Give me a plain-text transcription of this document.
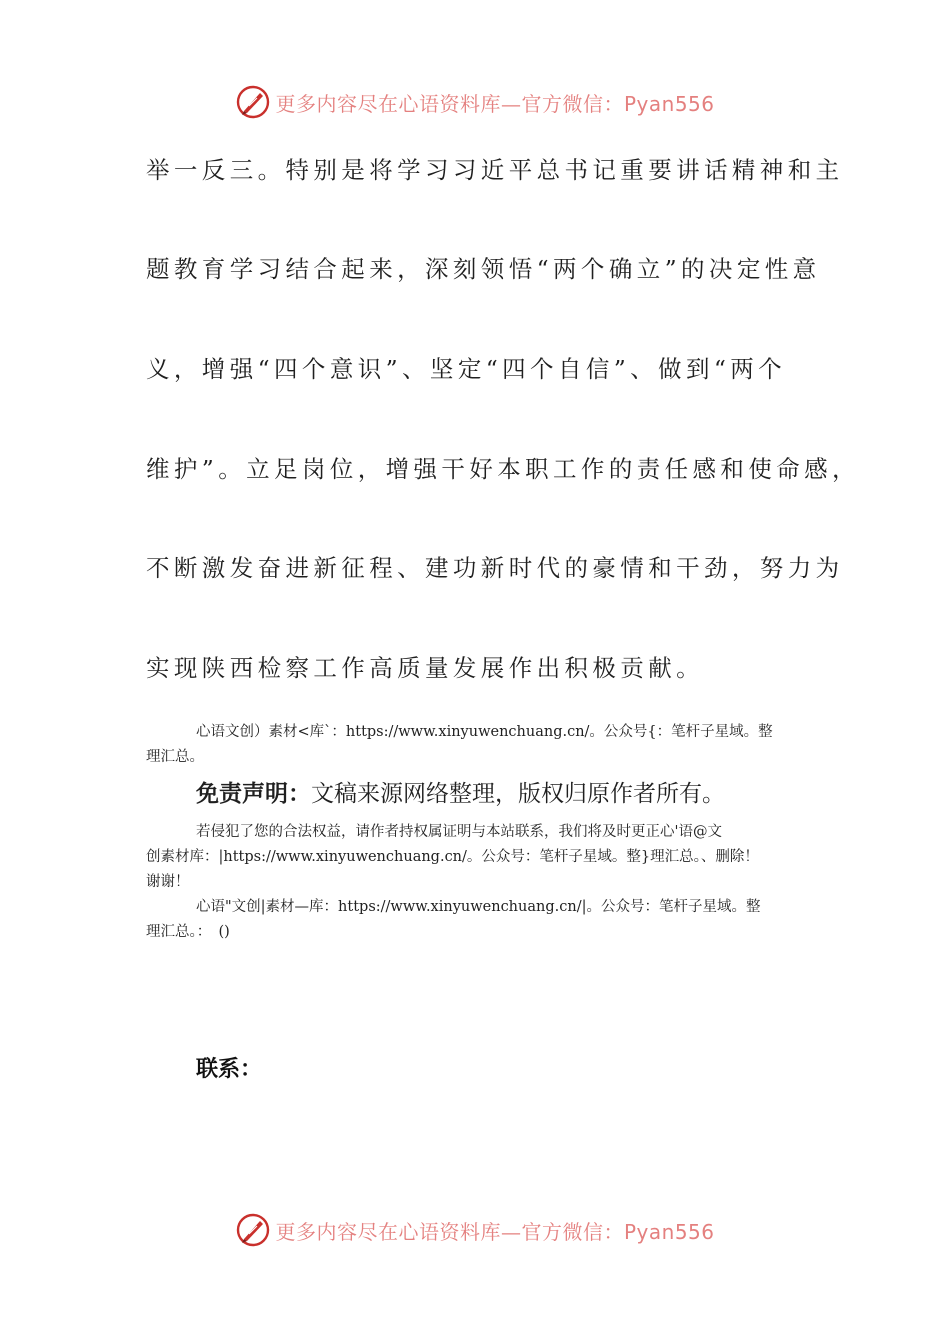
更多内容尽在心语资料库—官方微信：Pyan556
举一反三。特别是将学习习近平总书记重要讲话精神和主
题教育学习结合起来，深刻领悟“两个确立”的决定性意
义，增强“四个意识”、坚定“四个自信”、做到“两个
维护”。立足岗位，增强干好本职工作的责任感和使命感，
不断激发奋进新征程、建功新时代的豪情和干劲，努力为
实现陕西检察工作高质量发展作出积极贡献。
心语文创）素材<库`：https://www.xinyuwenchuang.cn/。公众号{：笔杆子星域。整
理汇总。
免责声明：文稿来源网络整理，版权归原作者所有。
若侵犯了您的合法权益，请作者持权属证明与本站联系，我们将及时更正心'语@文
创素材库：|https://www.xinyuwenchuang.cn/。公众号：笔杆子星域。整}理汇总。、删除！
谢谢！
心语"文创|素材—库：https://www.xinyuwenchuang.cn/|。公众号：笔杆子星域。整
理汇总。：　()
联系：
更多内容尽在心语资料库—官方微信：Pyan556
